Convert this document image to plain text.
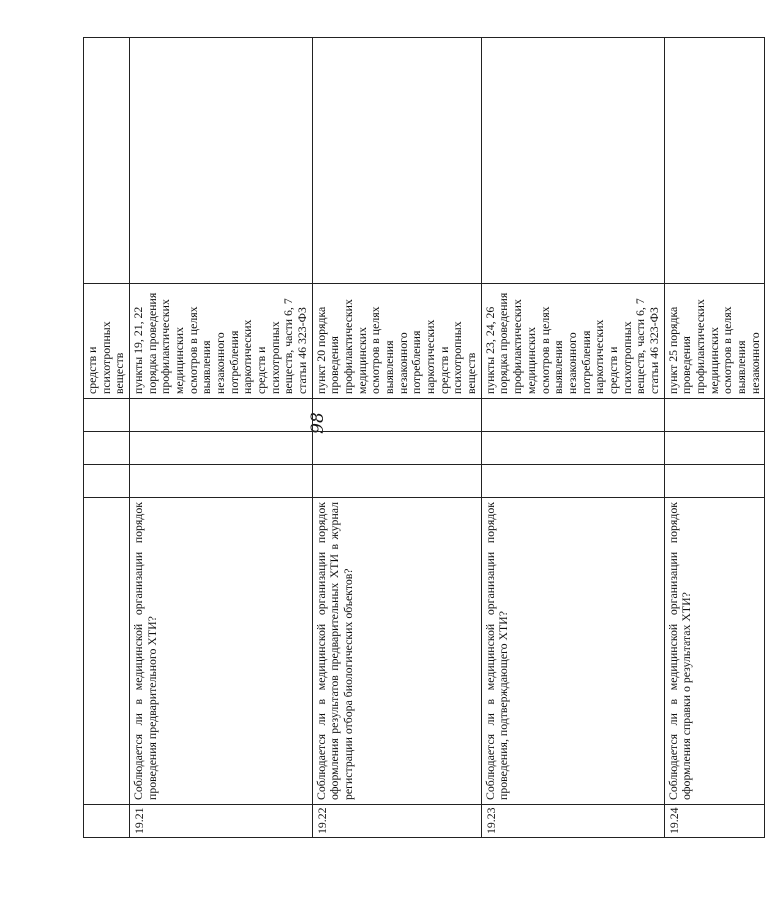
98
					средств и психотропных веществ	
19.21	Соблюдается ли в медицинской организации порядок проведения предварительного ХТИ?				пункты 19, 21, 22 порядка проведения профилактических медицинских осмотров в целях выявления незаконного потребления наркотических средств и психотропных веществ, части 6, 7 статьи 46 323-ФЗ	
19.22	Соблюдается ли в медицинской организации порядок оформления результатов предварительных ХТИ в журнал регистрации отбора биологических объектов?				пункт 20 порядка проведения профилактических медицинских осмотров в целях выявления незаконного потребления наркотических средств и психотропных веществ	
19.23	Соблюдается ли в медицинской организации порядок проведения, подтверждающего ХТИ?				пункты 23, 24, 26 порядка проведения профилактических медицинских осмотров в целях выявления незаконного потребления наркотических средств и психотропных веществ, части 6, 7 статьи 46 323-ФЗ	
19.24	Соблюдается ли в медицинской организации порядок оформления справки о результатах ХТИ?				пункт 25 порядка проведения профилактических медицинских осмотров в целях выявления незаконного	
